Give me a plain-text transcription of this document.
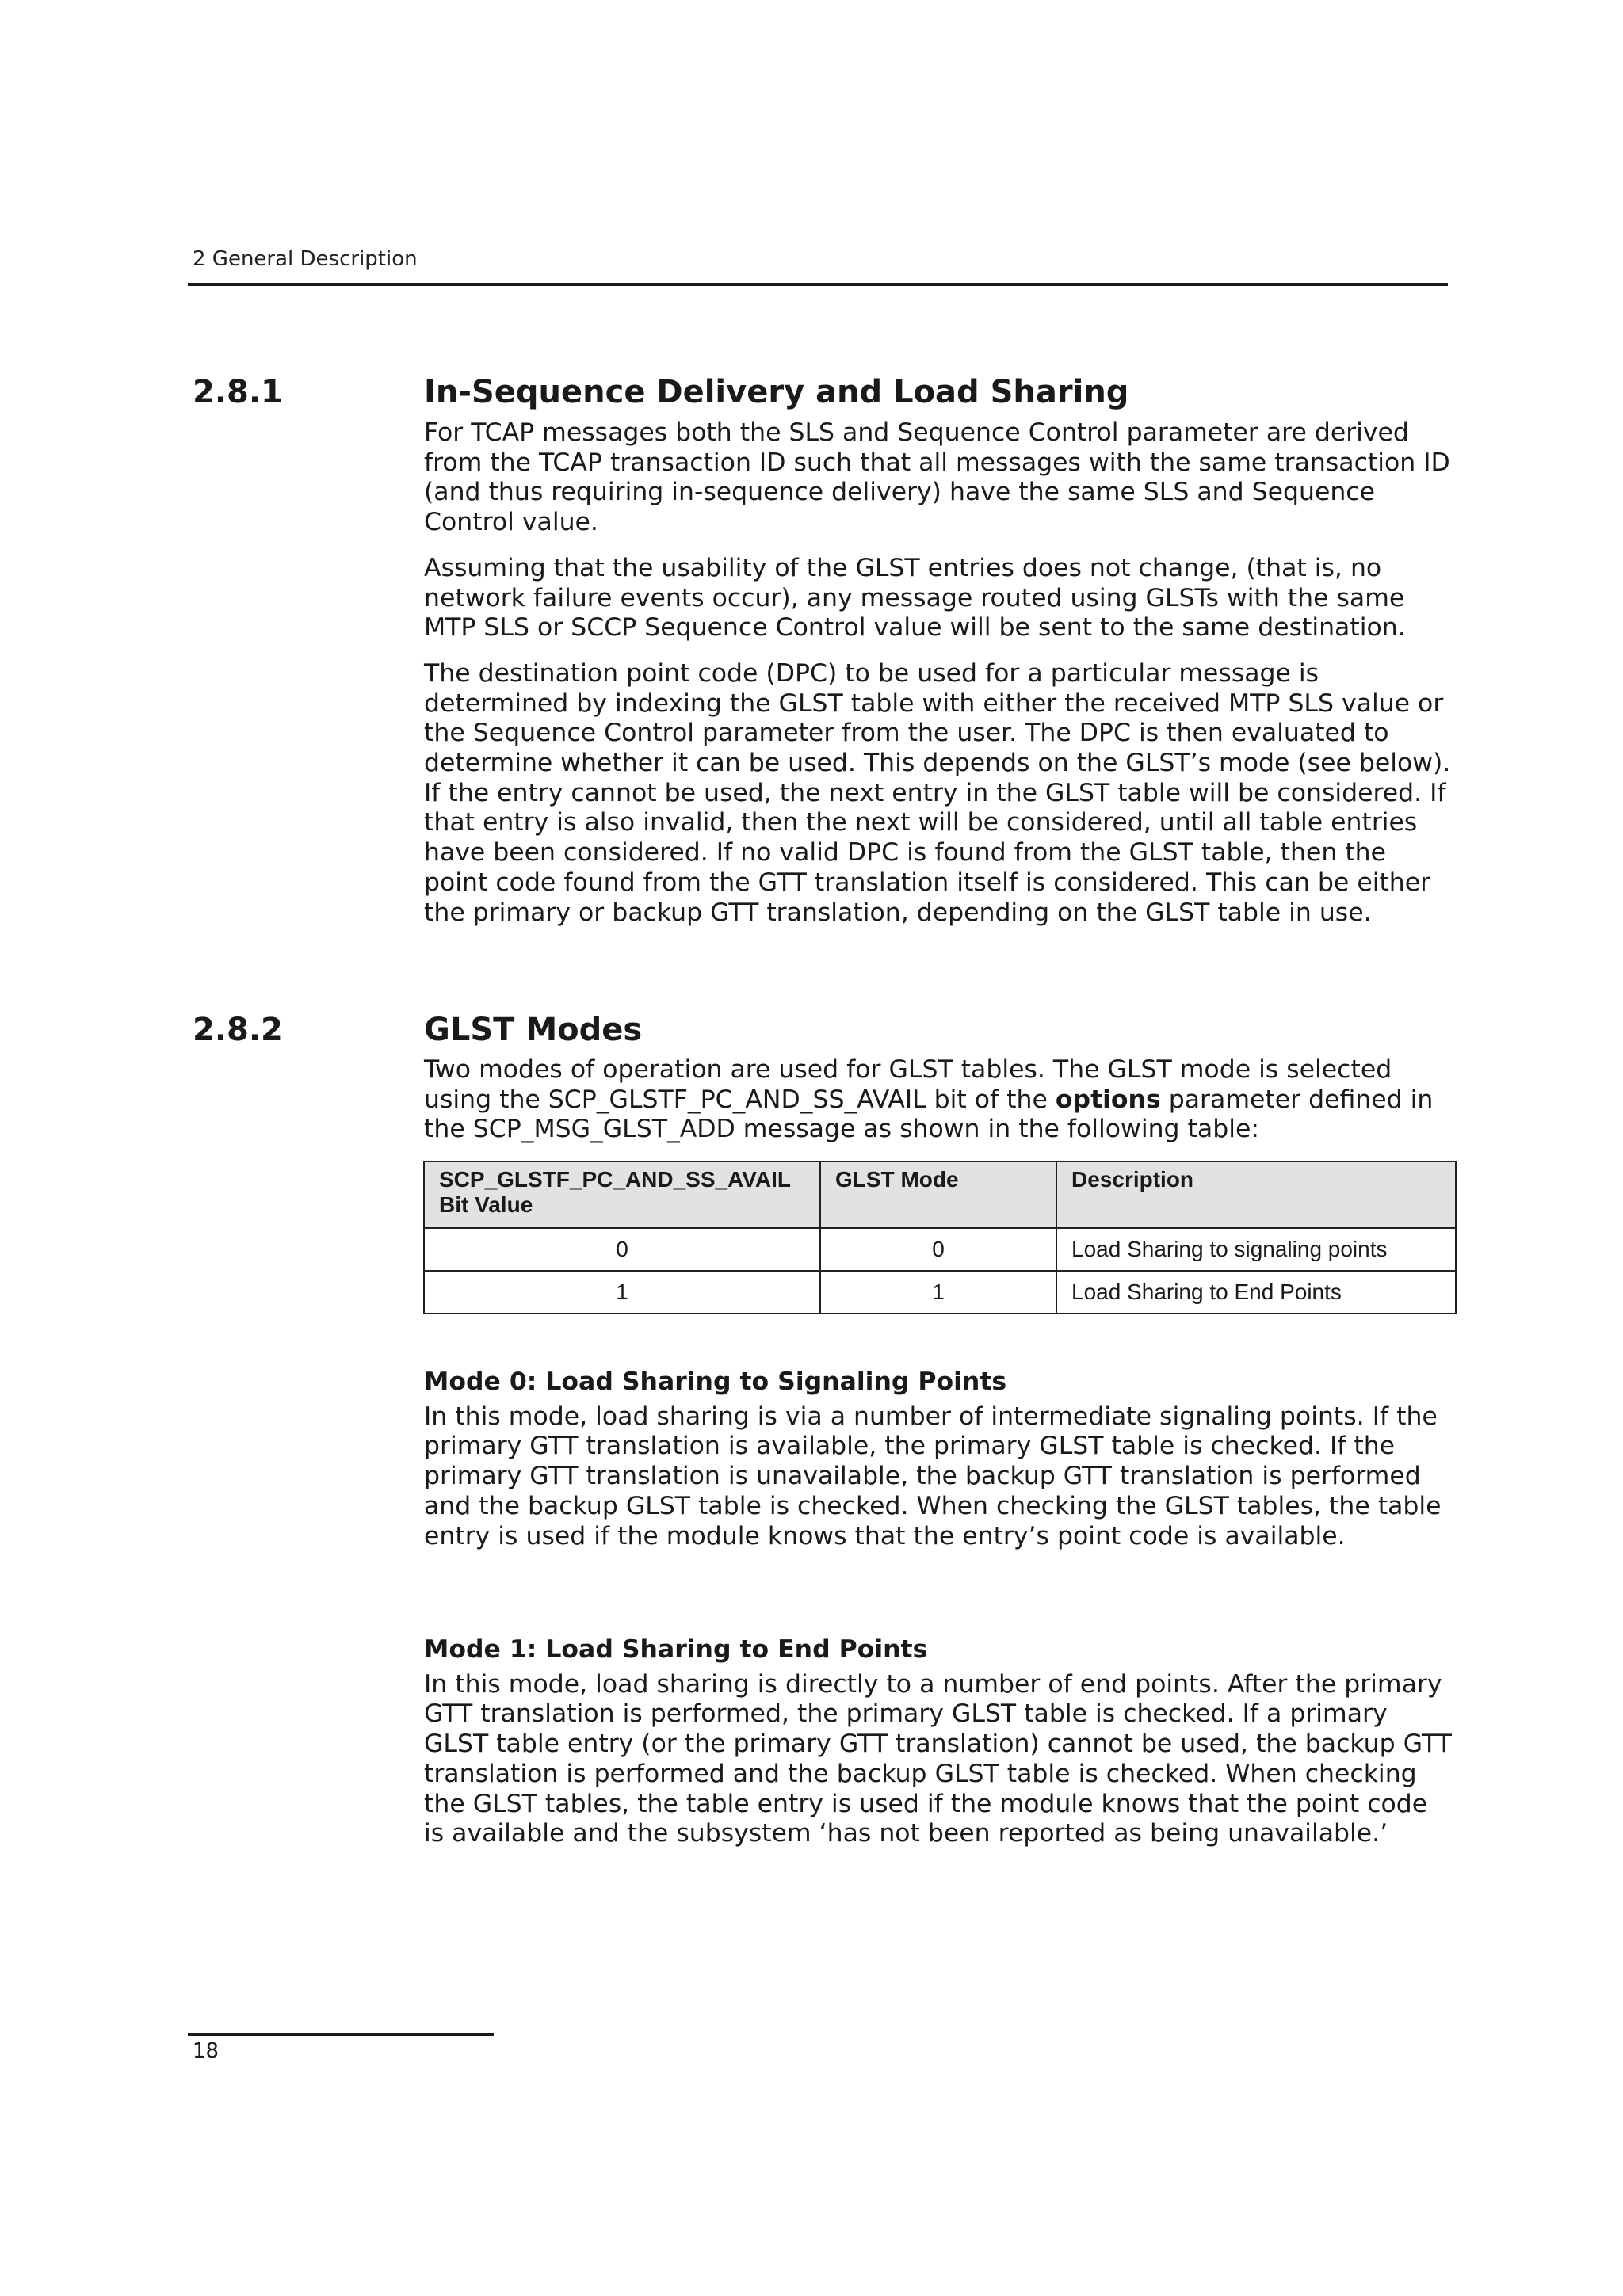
2 General Description
2.8.1	In-Sequence Delivery and Load Sharing

For TCAP messages both the SLS and Sequence Control parameter are derived from the TCAP transaction ID such that all messages with the same transaction ID (and thus requiring in-sequence delivery) have the same SLS and Sequence Control value.

Assuming that the usability of the GLST entries does not change, (that is, no network failure events occur), any message routed using GLSTs with the same MTP SLS or SCCP Sequence Control value will be sent to the same destination.

The destination point code (DPC) to be used for a particular message is determined by indexing the GLST table with either the received MTP SLS value or the Sequence Control parameter from the user. The DPC is then evaluated to determine whether it can be used. This depends on the GLST’s mode (see below). If the entry cannot be used, the next entry in the GLST table will be considered. If that entry is also invalid, then the next will be considered, until all table entries have been considered. If no valid DPC is found from the GLST table, then the point code found from the GTT translation itself is considered. This can be either the primary or backup GTT translation, depending on the GLST table in use.

2.8.2	GLST Modes

Two modes of operation are used for GLST tables. The GLST mode is selected using the SCP_GLSTF_PC_AND_SS_AVAIL bit of the options parameter defined in the SCP_MSG_GLST_ADD message as shown in the following table:

SCP_GLSTF_PC_AND_SS_AVAIL Bit Value	GLST Mode	Description
0	0	Load Sharing to signaling points
1	1	Load Sharing to End Points
Mode 0: Load Sharing to Signaling Points

In this mode, load sharing is via a number of intermediate signaling points. If the primary GTT translation is available, the primary GLST table is checked. If the primary GTT translation is unavailable, the backup GTT translation is performed and the backup GLST table is checked. When checking the GLST tables, the table entry is used if the module knows that the entry’s point code is available.

Mode 1: Load Sharing to End Points

In this mode, load sharing is directly to a number of end points. After the primary GTT translation is performed, the primary GLST table is checked. If a primary GLST table entry (or the primary GTT translation) cannot be used, the backup GTT translation is performed and the backup GLST table is checked. When checking the GLST tables, the table entry is used if the module knows that the point code is available and the subsystem ‘has not been reported as being unavailable.’

18
